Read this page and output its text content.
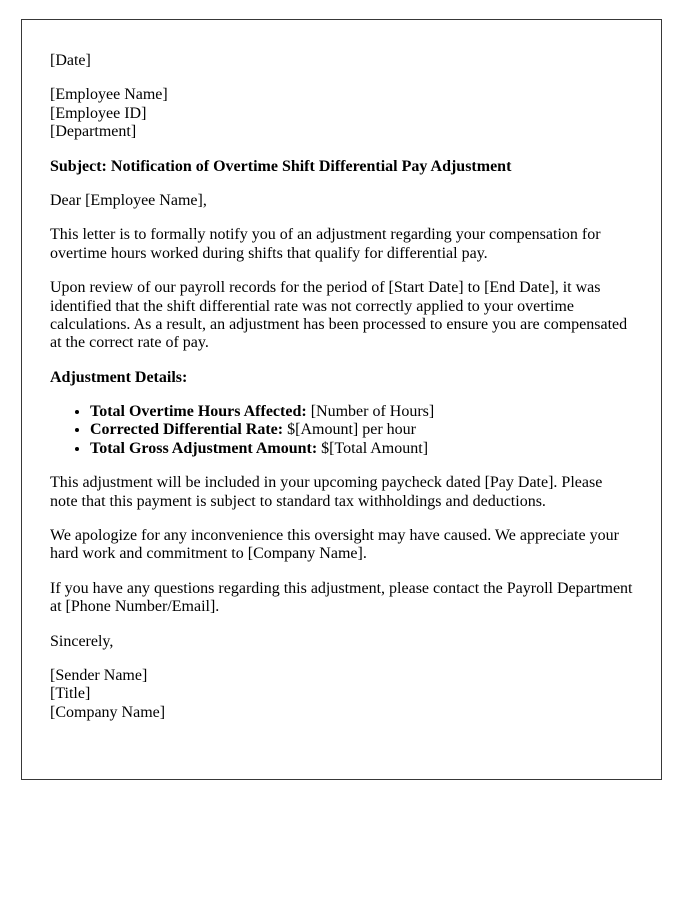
[Date]

[Employee Name]
[Employee ID]
[Department]

Subject: Notification of Overtime Shift Differential Pay Adjustment

Dear [Employee Name],

This letter is to formally notify you of an adjustment regarding your compensation for overtime hours worked during shifts that qualify for differential pay.

Upon review of our payroll records for the period of [Start Date] to [End Date], it was identified that the shift differential rate was not correctly applied to your overtime calculations. As a result, an adjustment has been processed to ensure you are compensated at the correct rate of pay.

Adjustment Details:

• Total Overtime Hours Affected: [Number of Hours]
• Corrected Differential Rate: $[Amount] per hour
• Total Gross Adjustment Amount: $[Total Amount]

This adjustment will be included in your upcoming paycheck dated [Pay Date]. Please note that this payment is subject to standard tax withholdings and deductions.

We apologize for any inconvenience this oversight may have caused. We appreciate your hard work and commitment to [Company Name].

If you have any questions regarding this adjustment, please contact the Payroll Department at [Phone Number/Email].

Sincerely,

[Sender Name]
[Title]
[Company Name]
